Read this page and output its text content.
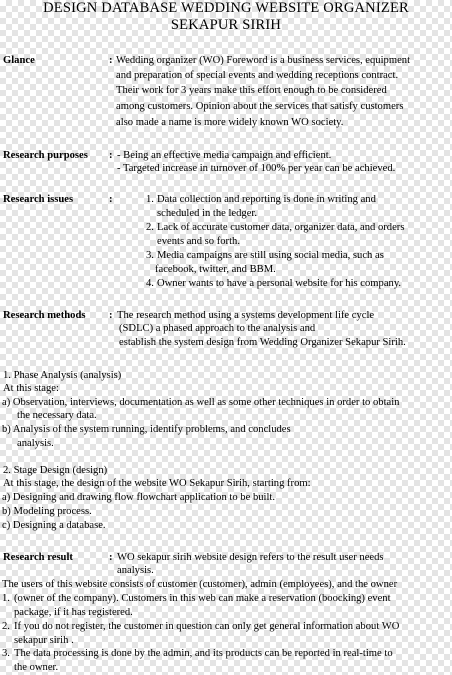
DESIGN DATABASE WEDDING WEBSITE ORGANIZER
SEKAPUR SIRIH
Glance	: Wedding organizer (WO) Foreword is a business services, equipment
and preparation of special events and wedding receptions contract.
Their work for 3 years make this effort enough to be considered
among customers. Opinion about the services that satisfy customers
also made a name is more widely known WO society.
Research purposes : - Being an effective media campaign and efficient.
- Targeted increase in turnover of 100% per year can be achieved.
Research issues	:	1. Data collection and reporting is done in writing and
scheduled in the ledger.
2. Lack of accurate customer data, organizer data, and orders
events and so forth.
3. Media campaigns are still using social media, such as
facebook, twitter, and BBM.
4. Owner wants to have a personal website for his company.
Research methods : The research method using a systems development life cycle
(SDLC) a phased approach to the analysis and
establish the system design from Wedding Organizer Sekapur Sirih.
1. Phase Analysis (analysis)
At this stage:
a) Observation, interviews, documentation as well as some other techniques in order to obtain
the necessary data.
b) Analysis of the system running, identify problems, and concludes
analysis.
2. Stage Design (design)
At this stage, the design of the website WO Sekapur Sirih, starting from:
a) Designing and drawing flow flowchart application to be built.
b) Modeling process.
c) Designing a database.
Research result	: WO sekapur sirih website design refers to the result user needs
analysis.
The users of this website consists of customer (customer), admin (employees), and the owner
1. (owner of the company). Customers in this web can make a reservation (boocking) event
package, if it has registered.
2. If you do not register, the customer in question can only get general information about WO
sekapur sirih .
3. The data processing is done by the admin, and its products can be reported in real-time to
the owner.
